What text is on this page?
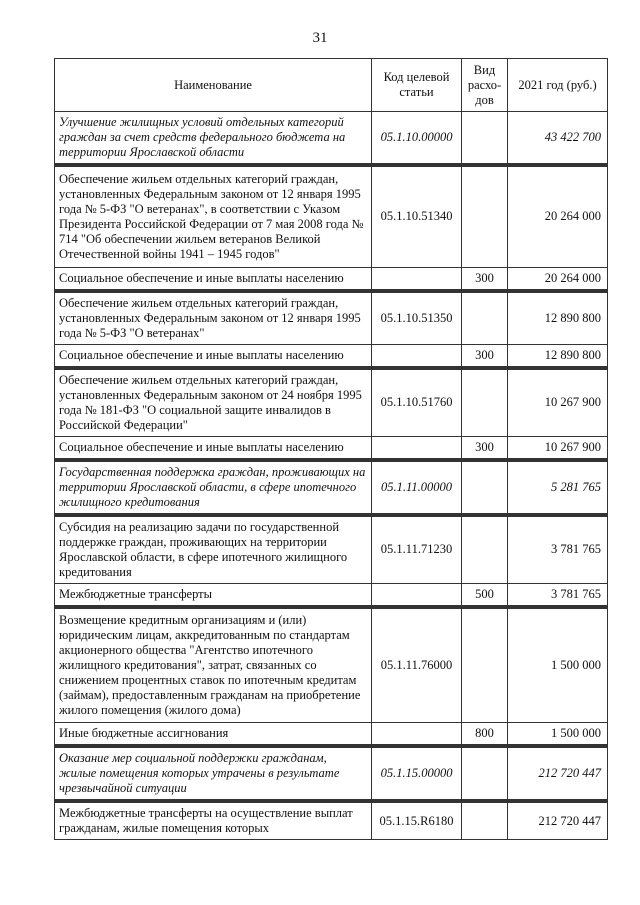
31
Наименование	Код целевой статьи	Вид расхо-дов	2021 год (руб.)
Улучшение жилищных условий отдельных категорий граждан за счет средств федерального бюджета на территории Ярославской области	05.1.10.00000		43 422 700
Обеспечение жильем отдельных категорий граждан, установленных Федеральным законом от 12 января 1995 года № 5-ФЗ "О ветеранах", в соответствии с Указом Президента Российской Федерации от 7 мая 2008 года № 714 "Об обеспечении жильем ветеранов Великой Отечественной войны 1941 – 1945 годов"	05.1.10.51340		20 264 000
Социальное обеспечение и иные выплаты населению		300	20 264 000
Обеспечение жильем отдельных категорий граждан, установленных Федеральным законом от 12 января 1995 года № 5-ФЗ "О ветеранах"	05.1.10.51350		12 890 800
Социальное обеспечение и иные выплаты населению		300	12 890 800
Обеспечение жильем отдельных категорий граждан, установленных Федеральным законом от 24 ноября 1995 года № 181-ФЗ "О социальной защите инвалидов в Российской Федерации"	05.1.10.51760		10 267 900
Социальное обеспечение и иные выплаты населению		300	10 267 900
Государственная поддержка граждан, проживающих на территории Ярославской области, в сфере ипотечного жилищного кредитования	05.1.11.00000		5 281 765
Субсидия на реализацию задачи по государственной поддержке граждан, проживающих на территории Ярославской области, в сфере ипотечного жилищного кредитования	05.1.11.71230		3 781 765
Межбюджетные трансферты		500	3 781 765
Возмещение кредитным организациям и (или) юридическим лицам, аккредитованным по стандартам акционерного общества "Агентство ипотечного жилищного кредитования", затрат, связанных со снижением процентных ставок по ипотечным кредитам (займам), предоставленным гражданам на приобретение жилого помещения (жилого дома)	05.1.11.76000		1 500 000
Иные бюджетные ассигнования		800	1 500 000
Оказание мер социальной поддержки гражданам, жилые помещения которых утрачены в результате чрезвычайной ситуации	05.1.15.00000		212 720 447
Межбюджетные трансферты на осуществление выплат гражданам, жилые помещения которых	05.1.15.R6180		212 720 447
